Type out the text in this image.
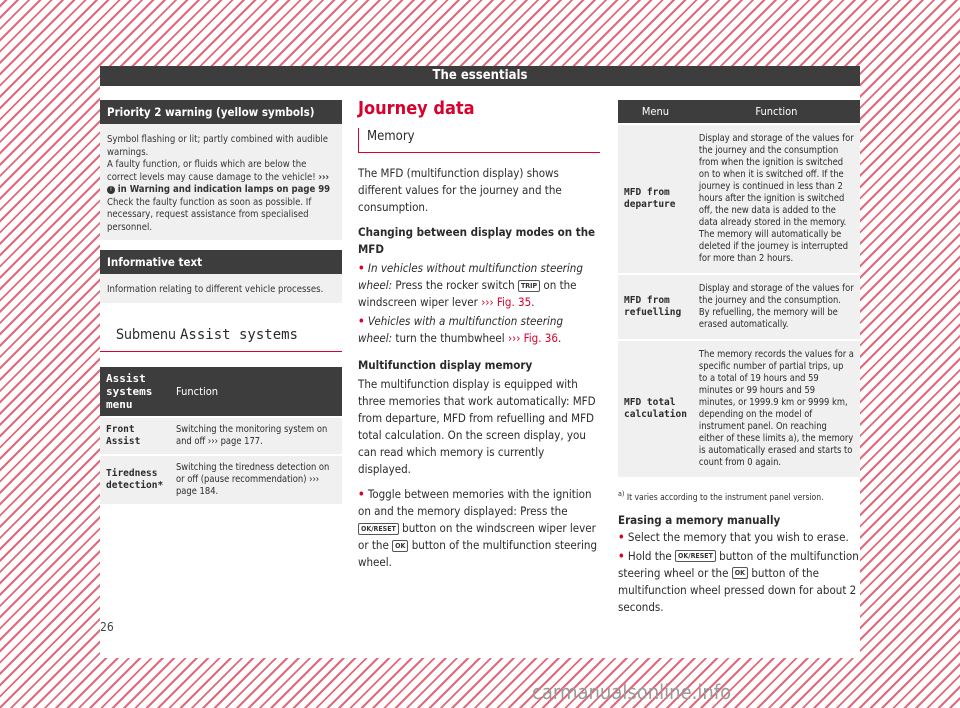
The essentials
Priority 2 warning (yellow symbols)
Symbol flashing or lit; partly combined with audible warnings.
A faulty function, or fluids which are below the correct levels may cause damage to the vehicle! ››› ! in Warning and indication lamps on page 99
Check the faulty function as soon as possible. If necessary, request assistance from specialised personnel.
Informative text
Information relating to different vehicle processes.
Submenu Assist systems
Assist systems menu	Function
Front Assist	Switching the monitoring system on and off ››› page 177.
Tiredness detection*	Switching the tiredness detection on or off (pause recommendation) ››› page 184.
Journey data
Memory

The MFD (multifunction display) shows different values for the journey and the consumption.

Changing between display modes on the MFD
• In vehicles without multifunction steering wheel: Press the rocker switch TRIP on the windscreen wiper lever ››› Fig. 35.
• Vehicles with a multifunction steering wheel: turn the thumbwheel ››› Fig. 36.
Multifunction display memory

The multifunction display is equipped with three memories that work automatically: MFD from departure, MFD from refuelling and MFD total calculation. On the screen display, you can read which memory is currently displayed.

• Toggle between memories with the ignition on and the memory displayed: Press the OK/RESET button on the windscreen wiper lever or the OK button of the multifunction steering wheel.
Menu	Function
MFD from departure	Display and storage of the values for the journey and the consumption from when the ignition is switched on to when it is switched off. If the journey is continued in less than 2 hours after the ignition is switched off, the new data is added to the data already stored in the memory. The memory will automatically be deleted if the journey is interrupted for more than 2 hours.
MFD from refuelling	Display and storage of the values for the journey and the consumption. By refuelling, the memory will be erased automatically.
MFD total calculation	The memory records the values for a specific number of partial trips, up to a total of 19 hours and 59 minutes or 99 hours and 59 minutes, or 1999.9 km or 9999 km, depending on the model of instrument panel. On reaching either of these limits a), the memory is automatically erased and starts to count from 0 again.
$^{a)}$ It varies according to the instrument panel version.
Erasing a memory manually
• Select the memory that you wish to erase.
• Hold the OK/RESET button of the multifunction steering wheel or the OK button of the multifunction wheel pressed down for about 2 seconds.
26
carmanualsonline.info
